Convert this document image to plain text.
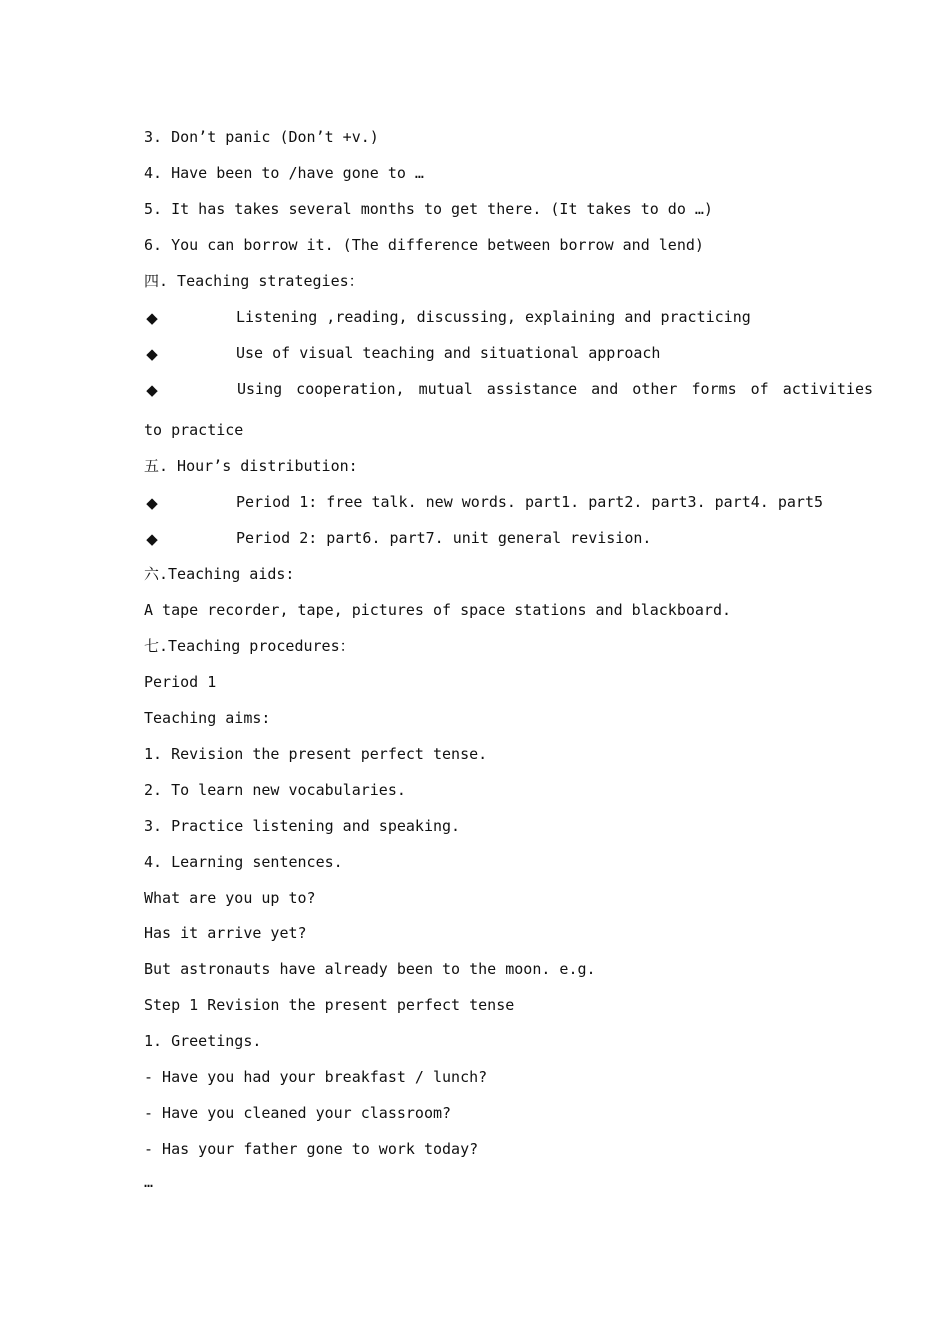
3. Don’t panic (Don’t +v.)
4. Have been to /have gone to …
5. It has takes several months to get there. (It takes to do …)
6. You can borrow it. (The difference between borrow and lend)
四. Teaching strategies：

◆

	Listening ,reading, discussing, explaining and practicing

◆

	Use of visual teaching and situational approach

◆

	Using cooperation, mutual assistance and other forms of activities

to practice
五. Hour’s distribution:

◆

	Period 1: free talk. new words. part1. part2. part3. part4. part5

◆

	Period 2: part6. part7. unit general revision.

六.Teaching aids:
A tape recorder, tape, pictures of space stations and blackboard.
七.Teaching procedures：
Period 1
Teaching aims:
1. Revision the present perfect tense.
2. To learn new vocabularies.
3. Practice listening and speaking.
4. Learning sentences.
What are you up to?
Has it arrive yet?
But astronauts have already been to the moon. e.g.
Step 1 Revision the present perfect tense
1. Greetings.
- Have you had your breakfast / lunch?
- Have you cleaned your classroom?
- Has your father gone to work today?
…
